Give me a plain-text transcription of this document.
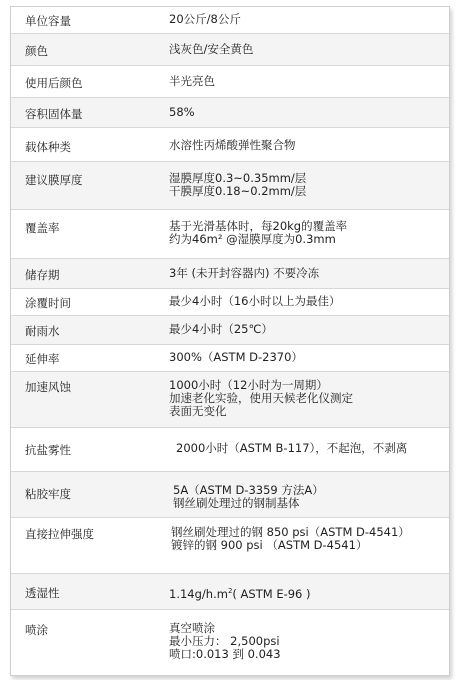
单位容量	20公斤/8公斤
颜色	浅灰色/安全黄色
使用后颜色	半光亮色
容积固体量	58%
载体种类	水溶性丙烯酸弹性聚合物
建议膜厚度	湿膜厚度0.3~0.35mm/层
干膜厚度0.18~0.2mm/层
覆盖率	基于光滑基体时，每20kg的覆盖率
约为46m² @湿膜厚度为0.3mm
储存期	3年 (未开封容器内) 不要冷冻
涂覆时间	最少4小时（16小时以上为最佳）
耐雨水	最少4小时（25℃）
延伸率	300%（ASTM D-2370）
加速风蚀	1000小时（12小时为一周期）
加速老化实验，使用天候老化仪测定
表面无变化
抗盐雾性	2000小时（ASTM B-117），不起泡，不剥离
粘胶牢度	5A（ASTM D-3359 方法A）
钢丝刷处理过的钢制基体
直接拉伸强度	钢丝刷处理过的钢 850 psi（ASTM D-4541）
镀锌的钢 900 psi （ASTM D-4541）
透湿性	$1.14g/h.m^2$( ASTM E-96 )
喷涂	真空喷涂
最小压力： 2,500psi
喷口:0.013 到 0.043
